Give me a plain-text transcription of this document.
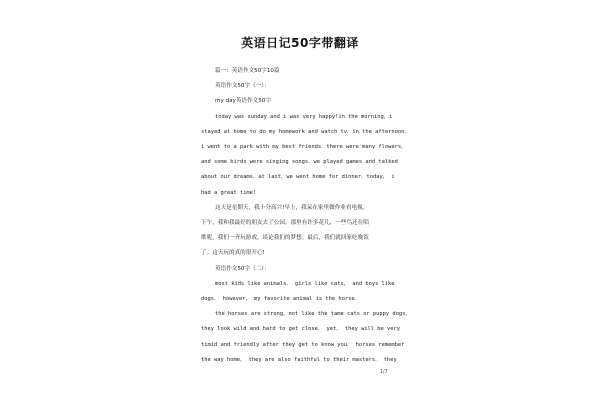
英语日记50字带翻译

篇一：英语作文50字10篇

英语作文50字（一）：

my day英语作文50字

today was sunday and i was very happy!in the morning，i

stayed at home to do my homework and watch tv．in the afternoon，

i went to a park with my best friends．there were many flowers，

and some birds were singing songs．we played games and talked

about our dreams．at last，we went home for dinner．today， i

had a great time!

这天是星期天，我十分高兴!早上，我呆在家里做作业看电视。

下午，我和我最好的朋友去了公园。那里有许多花儿，一些鸟还在唱

歌呢。我们一齐玩游戏，谈论我们的梦想。最后，我们就回家吃晚饭

了。这天玩的真的很开心!

英语作文50字（二）：

most kids like animals． girls like cats， and boys like

dogs． however， my favorite animal is the horse．

the horses are strong，not like the tame cats or puppy dogs，

they look wild and hard to get close． yet， they will be very

timid and friendly after they get to know you． horses remember

the way home， they are also faithful to their masters． they

1/7
